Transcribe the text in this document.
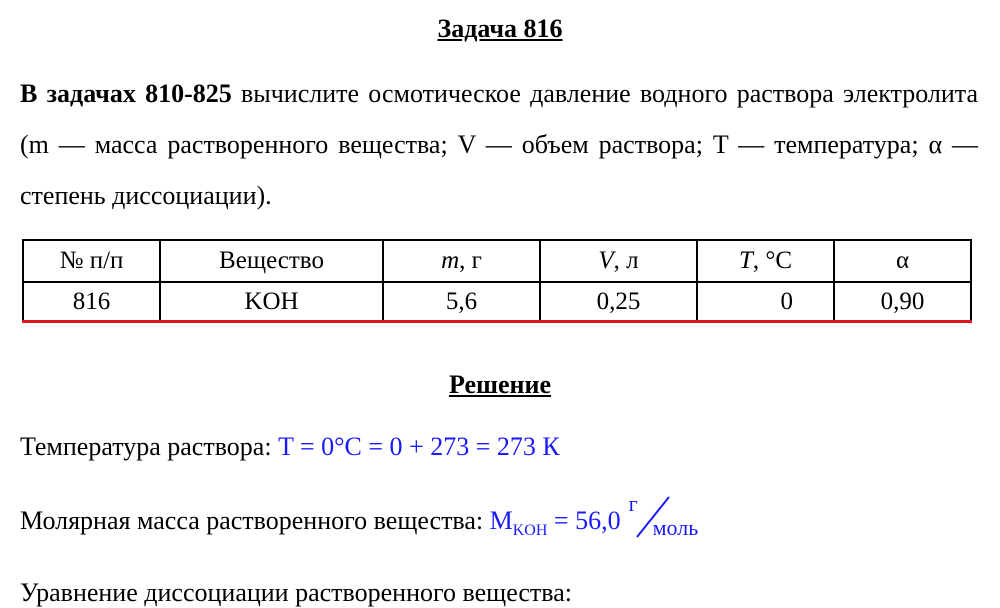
Задача 816
В задачах 810-825 вычислите осмотическое давление водного раствора электролита (m — масса растворенного вещества; V — объем раствора; T — температура; α — степень диссоциации).
№ п/п	Вещество	m, г	V, л	T, °C	α
816	KOH	5,6	0,25	0	0,90
Решение
Температура раствора: T = 0°C = 0 + 273 = 273 К
Молярная масса растворенного вещества: $M_{KOH} = 56,0$
г
моль
Уравнение диссоциации растворенного вещества:
